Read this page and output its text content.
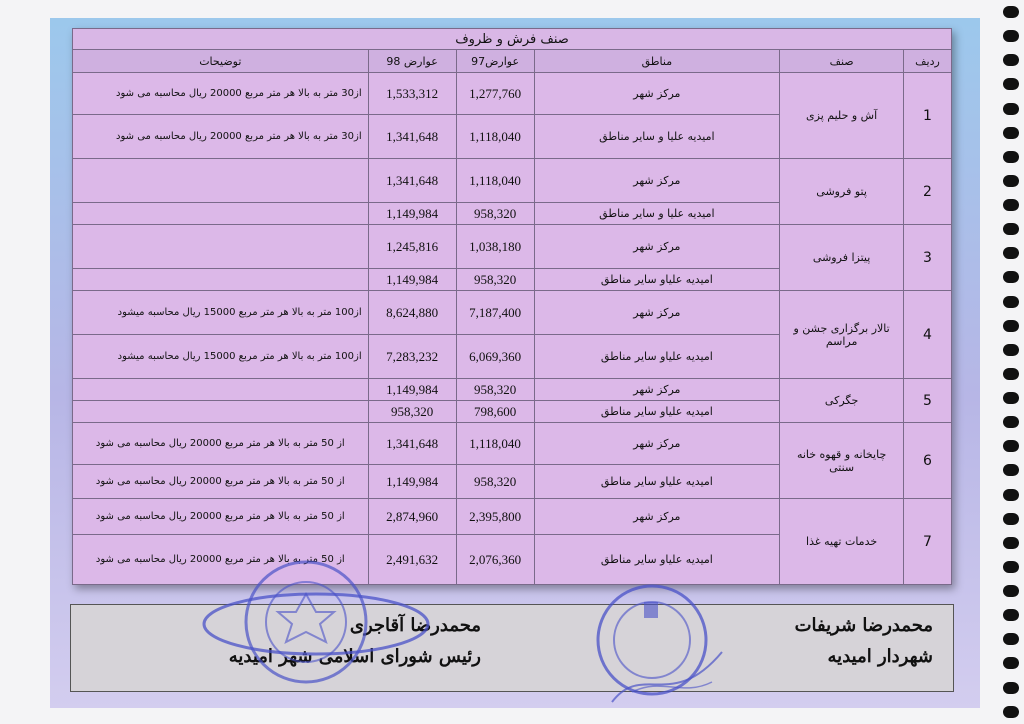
صنف فرش و ظروف					
ردیف	صنف	مناطق	عوارض97	عوارض 98	توضیحات
1	آش و حلیم پزی	مرکز شهر	1,277,760	1,533,312	از30 متر به بالا هر متر مربع 20000 ریال محاسبه می شود
		امیدیه علیا و سایر مناطق	1,118,040	1,341,648	از30 متر به بالا هر متر مربع 20000 ریال محاسبه می شود
2	پتو فروشی	مرکز شهر	1,118,040	1,341,648	
		امیدیه علیا و سایر مناطق	958,320	1,149,984	
3	پیتزا فروشی	مرکز شهر	1,038,180	1,245,816	
		امیدیه علیاو سایر مناطق	958,320	1,149,984	
4	تالار برگزاری جشن و مراسم	مرکز شهر	7,187,400	8,624,880	از100 متر به بالا هر متر مربع 15000 ریال محاسبه میشود
		امیدیه علیاو سایر مناطق	6,069,360	7,283,232	از100 متر به بالا هر متر مربع 15000 ریال محاسبه میشود
5	جگرکی	مرکز شهر	958,320	1,149,984	
		امیدیه علیاو سایر مناطق	798,600	958,320	
6	چایخانه و قهوه خانه سنتی	مرکز شهر	1,118,040	1,341,648	از 50 متر به بالا هر متر مربع 20000 ریال محاسبه می شود
		امیدیه علیاو سایر مناطق	958,320	1,149,984	از 50 متر به بالا هر متر مربع 20000 ریال محاسبه می شود
7	خدمات تهیه غذا	مرکز شهر	2,395,800	2,874,960	از 50 متر به بالا هر متر مربع 20000 ریال محاسبه می شود
		امیدیه علیاو سایر مناطق	2,076,360	2,491,632	از 50 متر به بالا هر متر مربع 20000 ریال محاسبه می شود
محمدرضا شریفات
شهردار امیدیه
محمدرضا آقاجری
رئیس شورای اسلامی شهر امیدیه
